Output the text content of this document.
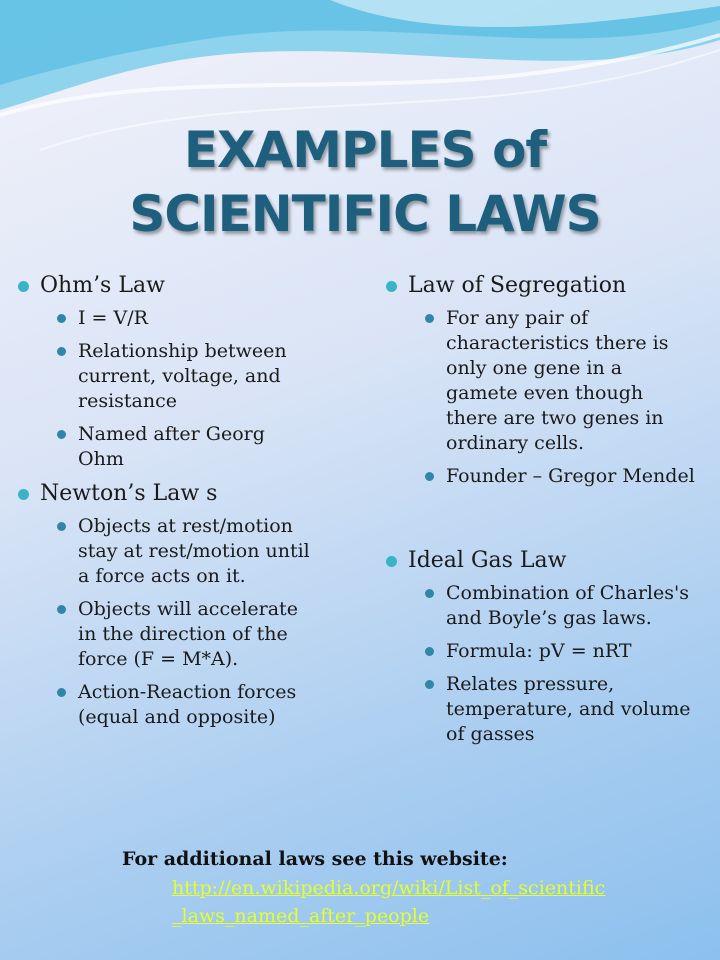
EXAMPLES of SCIENTIFIC LAWS
Ohm’s Law
I = V/R
Relationship between current, voltage, and resistance
Named after Georg Ohm
Newton’s Law s
Objects at rest/motion stay at rest/motion until a force acts on it.
Objects will accelerate in the direction of the force (F = M*A).
Action-Reaction forces (equal and opposite)
Law of Segregation
For any pair of characteristics there is only one gene in a gamete even though there are two genes in ordinary cells.
Founder – Gregor Mendel
Ideal Gas Law
Combination of Charles's and Boyle’s gas laws.
Formula: pV = nRT
Relates pressure, temperature, and volume of gasses
For additional laws see this website:
http://en.wikipedia.org/wiki/List_of_scientific_laws_named_after_people
